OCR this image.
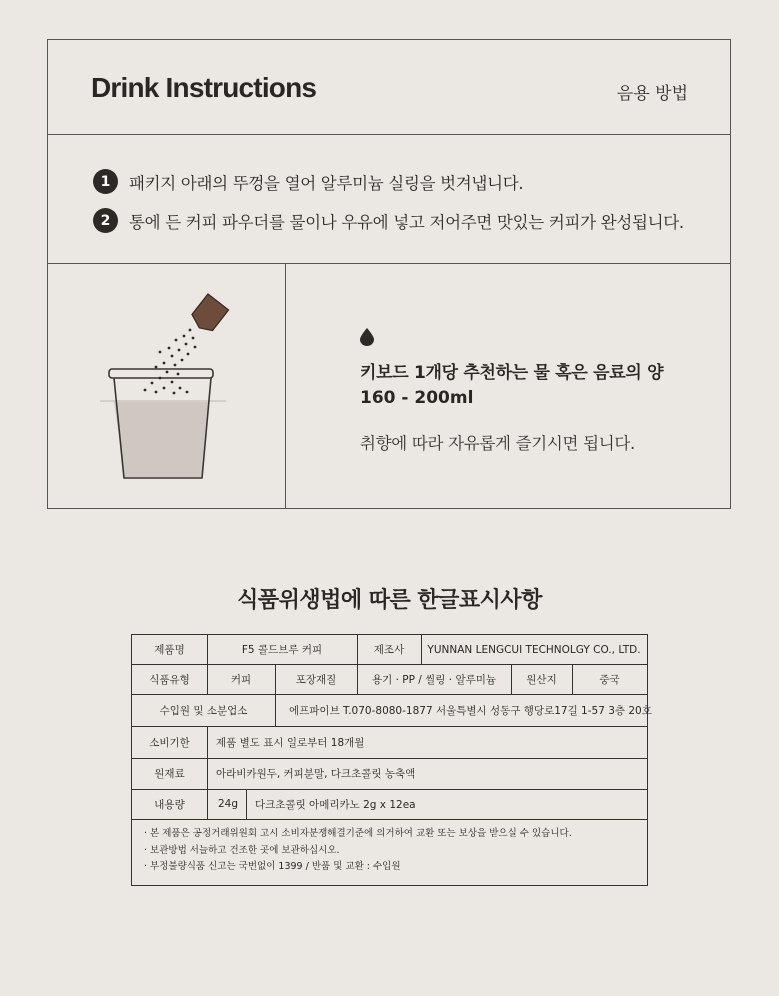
Drink Instructions	음용 방법
1	패키지 아래의 뚜껑을 열어 알루미늄 실링을 벗겨냅니다.
2	통에 든 커피 파우더를 물이나 우유에 넣고 저어주면 맛있는 커피가 완성됩니다.
키보드 1개당 추천하는 물 혹은 음료의 양
160 - 200ml
취향에 따라 자유롭게 즐기시면 됩니다.
식품위생법에 따른 한글표시사항
제품명	F5 콜드브루 커피	제조사	YUNNAN LENGCUI TECHNOLGY CO., LTD.
식품유형	커피	포장재질	용기 · PP / 씰링 · 알루미늄	원산지	중국
수입원 및 소분업소	에프파이브 T.070-8080-1877 서울특별시 성동구 행당로17길 1-57 3층 20호
소비기한	제품 별도 표시 일로부터 18개월
원재료	아라비카원두, 커피분말, 다크초콜릿 농축액
내용량	24g	다크초콜릿 아메리카노 2g x 12ea
· 본 제품은 공정거래위원회 고시 소비자분쟁해결기준에 의거하여 교환 또는 보상을 받으실 수 있습니다.
· 보관방법 서늘하고 건조한 곳에 보관하십시오.
· 부정불량식품 신고는 국번없이 1399 / 반품 및 교환 : 수입원
